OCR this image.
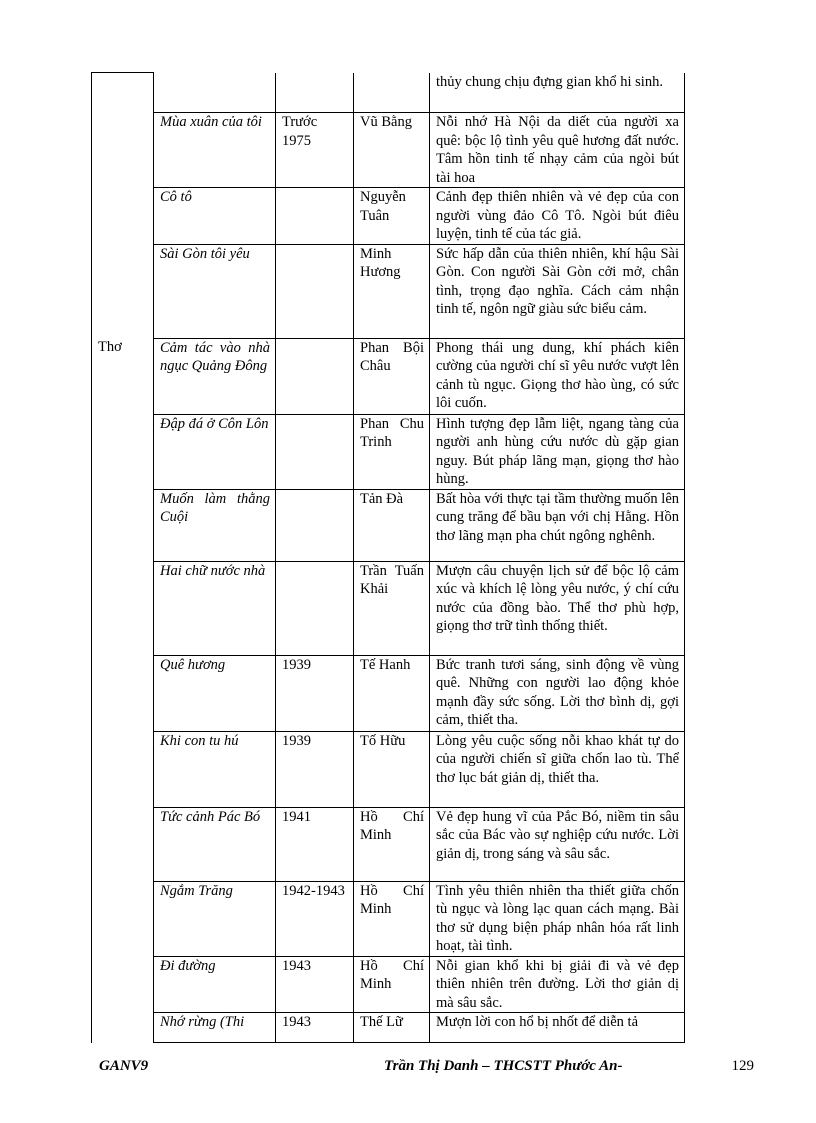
				thủy chung chịu đựng gian khổ hi sinh.
	Mùa xuân của tôi	Trước 1975	Vũ Bằng	Nỗi nhớ Hà Nội da diết của người xa quê: bộc lộ tình yêu quê hương đất nước. Tâm hồn tinh tế nhạy cảm của ngòi bút tài hoa
	Cô tô		Nguyễn Tuân	Cảnh đẹp thiên nhiên và vẻ đẹp của con người vùng đảo Cô Tô. Ngòi bút điêu luyện, tinh tế của tác giả.
	Sài Gòn tôi yêu		Minh Hương	Sức hấp dẫn của thiên nhiên, khí hậu Sài Gòn. Con người Sài Gòn cởi mở, chân tình, trọng đạo nghĩa. Cách cảm nhận tinh tế, ngôn ngữ giàu sức biểu cảm.
Thơ	Cảm tác vào nhà ngục Quảng Đông		Phan Bội Châu	Phong thái ung dung, khí phách kiên cường của người chí sĩ yêu nước vượt lên cảnh tù ngục. Giọng thơ hào ùng, có sức lôi cuốn.
	Đập đá ở Côn Lôn		Phan Chu Trinh	Hình tượng đẹp lẫm liệt, ngang tàng của người anh hùng cứu nước dù gặp gian nguy. Bút pháp lãng mạn, giọng thơ hào hùng.
	Muốn làm thằng Cuội		Tản Đà	Bất hòa với thực tại tầm thường muốn lên cung trăng để bầu bạn với chị Hằng. Hồn thơ lãng mạn pha chút ngông nghênh.
	Hai chữ nước nhà		Trần Tuấn Khải	Mượn câu chuyện lịch sử để bộc lộ cảm xúc và khích lệ lòng yêu nước, ý chí cứu nước của đồng bào. Thể thơ phù hợp, giọng thơ trữ tình thống thiết.
	Quê hương	1939	Tế Hanh	Bức tranh tươi sáng, sinh động về vùng quê. Những con người lao động khỏe mạnh đầy sức sống. Lời thơ bình dị, gợi cảm, thiết tha.
	Khi con tu hú	1939	Tố Hữu	Lòng yêu cuộc sống nỗi khao khát tự do của người chiến sĩ giữa chốn lao tù. Thể thơ lục bát giản dị, thiết tha.
	Tức cảnh Pác Bó	1941	Hồ Chí Minh	Vẻ đẹp hung vĩ của Pắc Bó, niềm tin sâu sắc của Bác vào sự nghiệp cứu nước. Lời giản dị, trong sáng và sâu sắc.
	Ngắm Trăng	1942-1943	Hồ Chí Minh	Tình yêu thiên nhiên tha thiết giữa chốn tù ngục và lòng lạc quan cách mạng. Bài thơ sử dụng biện pháp nhân hóa rất linh hoạt, tài tình.
	Đi đường	1943	Hồ Chí Minh	Nỗi gian khổ khi bị giải đi và vẻ đẹp thiên nhiên trên đường. Lời thơ giản dị mà sâu sắc.
	Nhớ rừng (Thi	1943	Thế Lữ	Mượn lời con hổ bị nhốt để diễn tả
GANV9	Trần Thị Danh – THCSTT Phước An-	129
